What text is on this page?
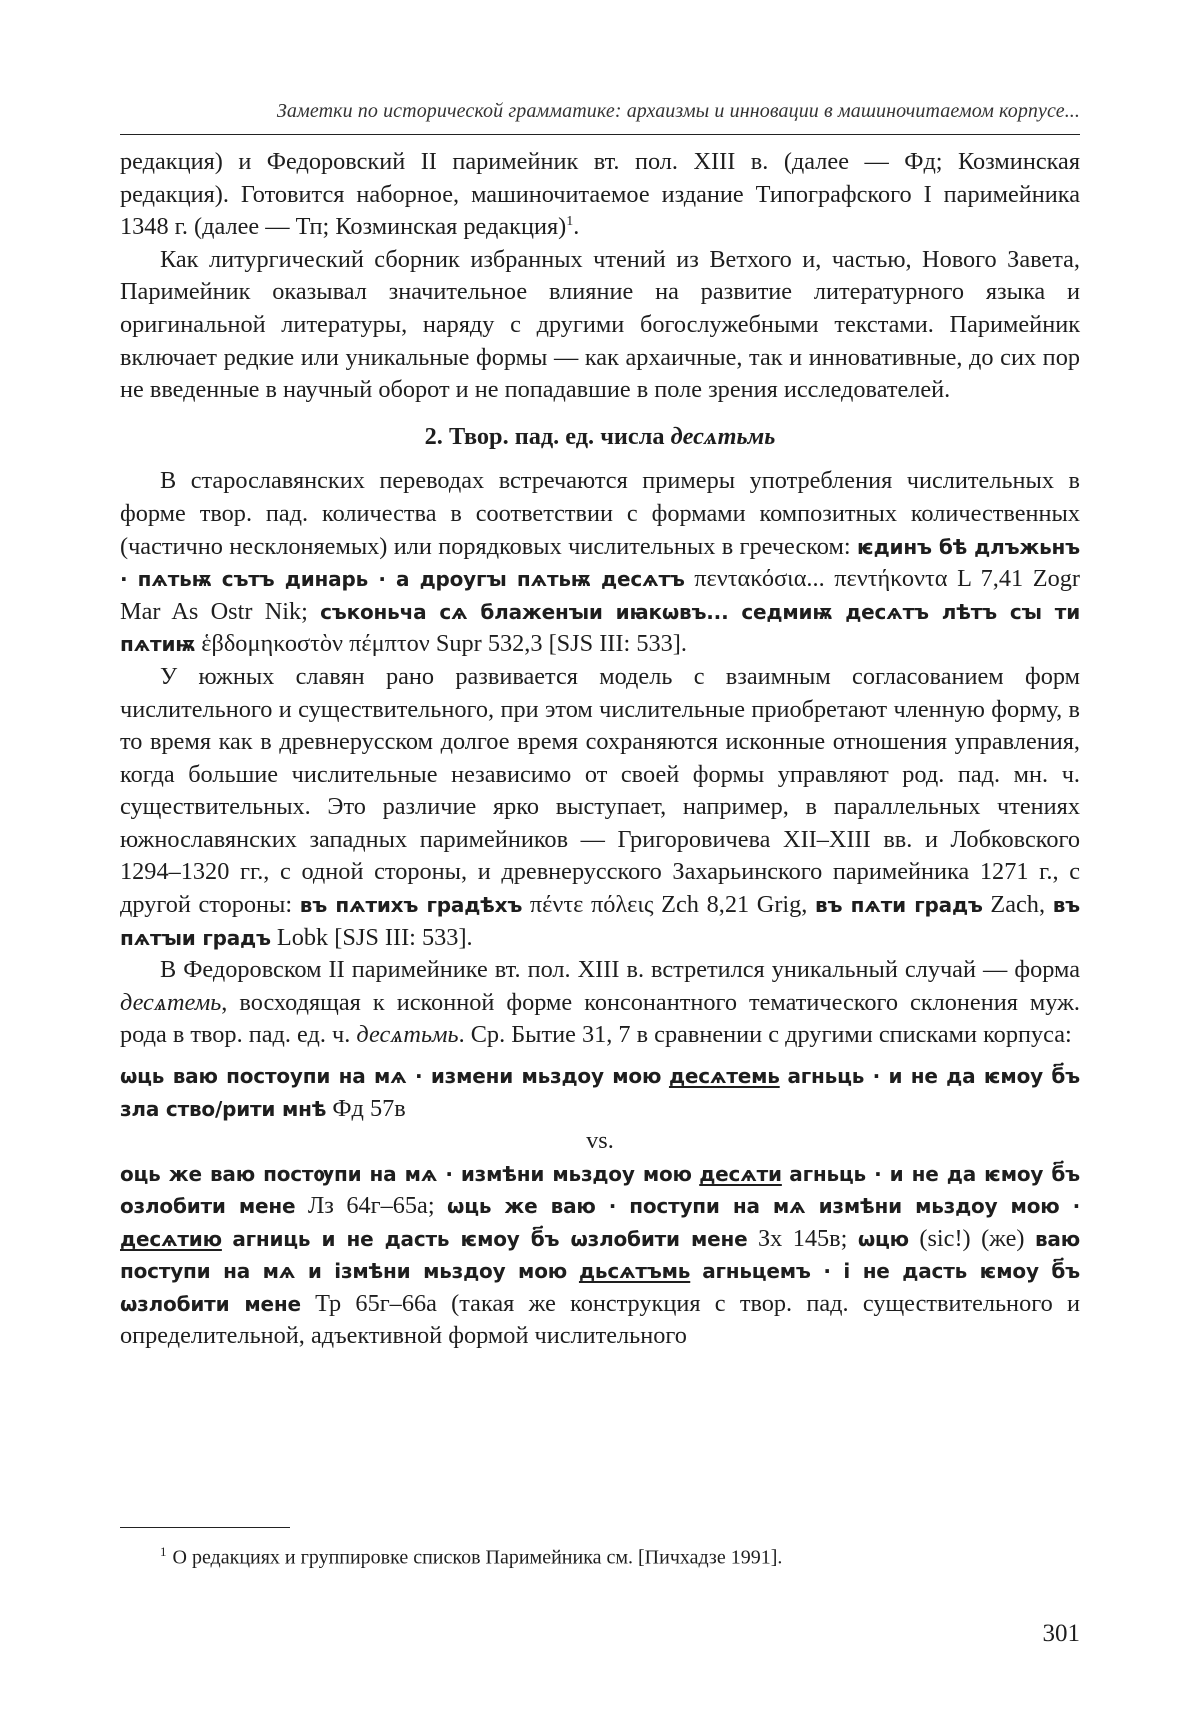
Заметки по исторической грамматике: архаизмы и инновации в машиночитаемом корпусе...

редакция) и Федоровский II паримейник вт. пол. XIII в. (далее — Фд; Козминская редакция). Готовится наборное, машиночитаемое издание Типографского I паримейника 1348 г. (далее — Тп; Козминская редакция)$^1$.

Как литургический сборник избранных чтений из Ветхого и, частью, Нового Завета, Паримейник оказывал значительное влияние на развитие литературного языка и оригинальной литературы, наряду с другими богослужебными текстами. Паримейник включает редкие или уникальные формы — как архаичные, так и инновативные, до сих пор не введенные в научный оборот и не попадавшие в поле зрения исследователей.

2. Твор. пад. ед. числа десѧтьмь

В старославянских переводах встречаются примеры употребления числительных в форме твор. пад. количества в соответствии с формами композитных количественных (частично несклоняемых) или порядковых числительных в греческом: ѥдинъ бѣ длъжьнъ · пѧтьѭ сътъ динарь · а дроугꙑ пѧтьѭ десѧтъ πεντακόσια... πεντήκοντα L 7,41 Zogr Mar As Ostr Nik; съконьча сѧ блаженꙑи иꙗкѡвъ... седмиѭ десѧтъ лѣтъ сꙑ ти пѧтиѭ ἑβδομηκοστὸν πέμπτον Supr 532,3 [SJS III: 533].

У южных славян рано развивается модель с взаимным согласованием форм числительного и существительного, при этом числительные приобретают членную форму, в то время как в древнерусском долгое время сохраняются исконные отношения управления, когда большие числительные независимо от своей формы управляют род. пад. мн. ч. существительных. Это различие ярко выступает, например, в параллельных чтениях южнославянских западных паримейников — Григоровичева XII–XIII вв. и Лобковского 1294–1320 гг., с одной стороны, и древнерусского Захарьинского паримейника 1271 г., с другой стороны: въ пѧтихъ градѣхъ πέντε πόλεις Zch 8,21 Grig, въ пѧти градъ Zach, въ пѧтꙑи градъ Lobk [SJS III: 533].

В Федоровском II паримейнике вт. пол. XIII в. встретился уникальный случай — форма десѧтемь, восходящая к исконной форме консонантного тематического склонения муж. рода в твор. пад. ед. ч. десѧтьмь. Ср. Бытие 31, 7 в сравнении с другими списками корпуса:

ѡць ваю постоупи на мѧ · измени мьздоу мою десѧтемь агньць · и не да ѥмоу б҃ъ зла ство/рити мнѣ Фд 57в

vs.

оць же ваю постѹпи на мѧ · измѣни мьздоу мою десѧти агньць · и не да ѥмоу б҃ъ озлобити мене Лз 64г–65а; ѡць же ваю · поступи на мѧ измѣни мьздоу мою · десѧтию агниць и не дасть ѥмоу б҃ъ ѡзлобити мене Зх 145в; ѡцю (sic!) (же) ваю поступи на мѧ и ізмѣни мьздоу мою дьсѧтъмь агньцемъ · і не дасть ѥмоу б҃ъ ѡзлобити мене Тр 65г–66а (такая же конструкция с твор. пад. существительного и определительной, адъективной формой числительного

$^1$ О редакциях и группировке списков Паримейника см. [Пичхадзе 1991].
301
